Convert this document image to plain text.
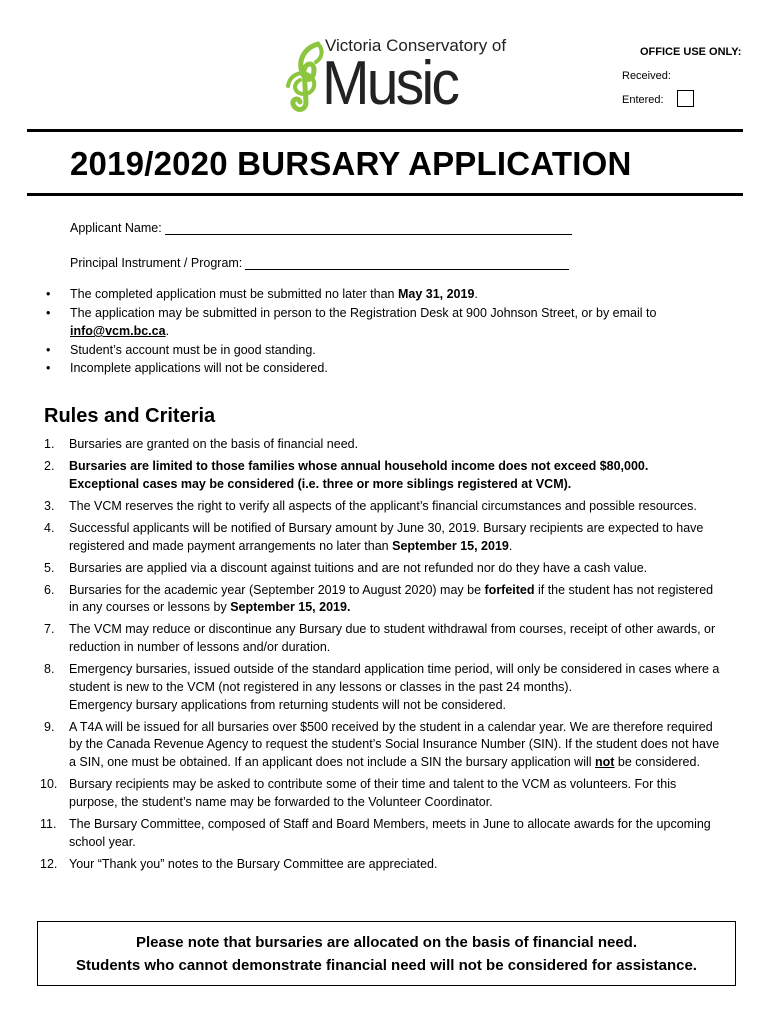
Victoria Conservatory of
Music	OFFICE USE ONLY:
Received:
Entered:
2019/2020 BURSARY APPLICATION
Applicant Name:
Principal Instrument / Program:
• The completed application must be submitted no later than May 31, 2019.
• The application may be submitted in person to the Registration Desk at 900 Johnson Street, or by email to
info@vcm.bc.ca.
• Student’s account must be in good standing.
• Incomplete applications will not be considered.
Rules and Criteria
1.	Bursaries are granted on the basis of financial need.
2.	Bursaries are limited to those families whose annual household income does not exceed $80,000.
Exceptional cases may be considered (i.e. three or more siblings registered at VCM).
3.	The VCM reserves the right to verify all aspects of the applicant’s financial circumstances and possible resources.
4.	Successful applicants will be notified of Bursary amount by June 30, 2019. Bursary recipients are expected to have
registered and made payment arrangements no later than September 15, 2019.
5.	Bursaries are applied via a discount against tuitions and are not refunded nor do they have a cash value.
6.	Bursaries for the academic year (September 2019 to August 2020) may be forfeited if the student has not registered
in any courses or lessons by September 15, 2019.
7.	The VCM may reduce or discontinue any Bursary due to student withdrawal from courses, receipt of other awards, or
reduction in number of lessons and/or duration.
8.	Emergency bursaries, issued outside of the standard application time period, will only be considered in cases where a
student is new to the VCM (not registered in any lessons or classes in the past 24 months).
Emergency bursary applications from returning students will not be considered.
9.	A T4A will be issued for all bursaries over $500 received by the student in a calendar year. We are therefore required
by the Canada Revenue Agency to request the student’s Social Insurance Number (SIN). If the student does not have
a SIN, one must be obtained. If an applicant does not include a SIN the bursary application will not be considered.
10. Bursary recipients may be asked to contribute some of their time and talent to the VCM as volunteers. For this
purpose, the student’s name may be forwarded to the Volunteer Coordinator.
11.	The Bursary Committee, composed of Staff and Board Members, meets in June to allocate awards for the upcoming
school year.
12. Your “Thank you” notes to the Bursary Committee are appreciated.
Please note that bursaries are allocated on the basis of financial need.
Students who cannot demonstrate financial need will not be considered for assistance.
